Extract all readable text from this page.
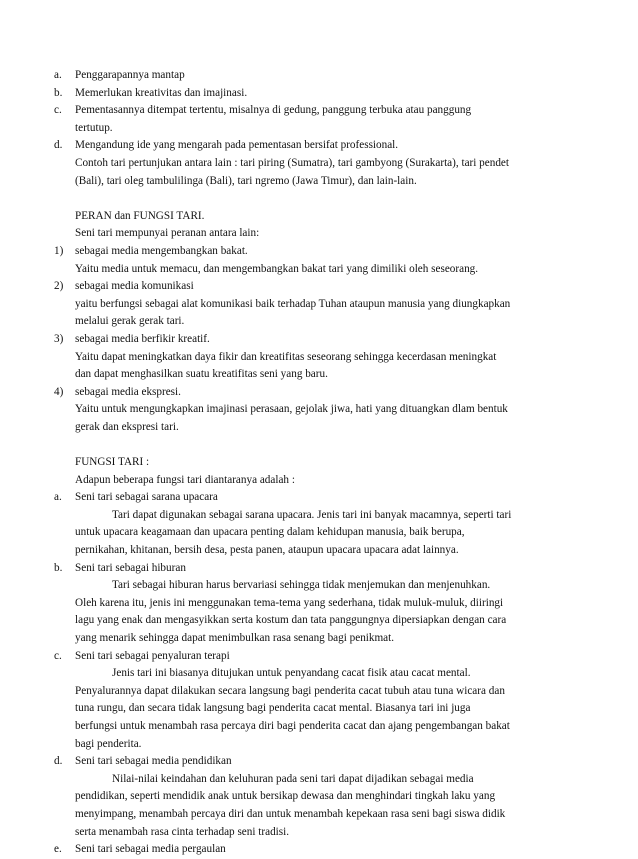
a. Penggarapannya mantap
b. Memerlukan kreativitas dan imajinasi.
c. Pementasannya ditempat tertentu, misalnya di gedung, panggung terbuka atau panggung
tertutup.
d. Mengandung ide yang mengarah pada pementasan bersifat professional.
Contoh tari pertunjukan antara lain : tari piring (Sumatra), tari gambyong (Surakarta), tari pendet
(Bali), tari oleg tambulilinga (Bali), tari ngremo (Jawa Timur), dan lain-lain.
PERAN dan FUNGSI TARI.
Seni tari mempunyai peranan antara lain:
1) sebagai media mengembangkan bakat.
Yaitu media untuk memacu, dan mengembangkan bakat tari yang dimiliki oleh seseorang.
2) sebagai media komunikasi
yaitu berfungsi sebagai alat komunikasi baik terhadap Tuhan ataupun manusia yang diungkapkan
melalui gerak gerak tari.
3) sebagai media berfikir kreatif.
Yaitu dapat meningkatkan daya fikir dan kreatifitas seseorang sehingga kecerdasan meningkat
dan dapat menghasilkan suatu kreatifitas seni yang baru.
4) sebagai media ekspresi.
Yaitu untuk mengungkapkan imajinasi perasaan, gejolak jiwa, hati yang dituangkan dlam bentuk
gerak dan ekspresi tari.
FUNGSI TARI :
Adapun beberapa fungsi tari diantaranya adalah :
a. Seni tari sebagai sarana upacara
Tari dapat digunakan sebagai sarana upacara. Jenis tari ini banyak macamnya, seperti tari
untuk upacara keagamaan dan upacara penting dalam kehidupan manusia, baik berupa,
pernikahan, khitanan, bersih desa, pesta panen, ataupun upacara upacara adat lainnya.
b. Seni tari sebagai hiburan
Tari sebagai hiburan harus bervariasi sehingga tidak menjemukan dan menjenuhkan.
Oleh karena itu, jenis ini menggunakan tema-tema yang sederhana, tidak muluk-muluk, diiringi
lagu yang enak dan mengasyikkan serta kostum dan tata panggungnya dipersiapkan dengan cara
yang menarik sehingga dapat menimbulkan rasa senang bagi penikmat.
c. Seni tari sebagai penyaluran terapi
Jenis tari ini biasanya ditujukan untuk penyandang cacat fisik atau cacat mental.
Penyalurannya dapat dilakukan secara langsung bagi penderita cacat tubuh atau tuna wicara dan
tuna rungu, dan secara tidak langsung bagi penderita cacat mental. Biasanya tari ini juga
berfungsi untuk menambah rasa percaya diri bagi penderita cacat dan ajang pengembangan bakat
bagi penderita.
d. Seni tari sebagai media pendidikan
Nilai-nilai keindahan dan keluhuran pada seni tari dapat dijadikan sebagai media
pendidikan, seperti mendidik anak untuk bersikap dewasa dan menghindari tingkah laku yang
menyimpang, menambah percaya diri dan untuk menambah kepekaan rasa seni bagi siswa didik
serta menambah rasa cinta terhadap seni tradisi.
e. Seni tari sebagai media pergaulan
